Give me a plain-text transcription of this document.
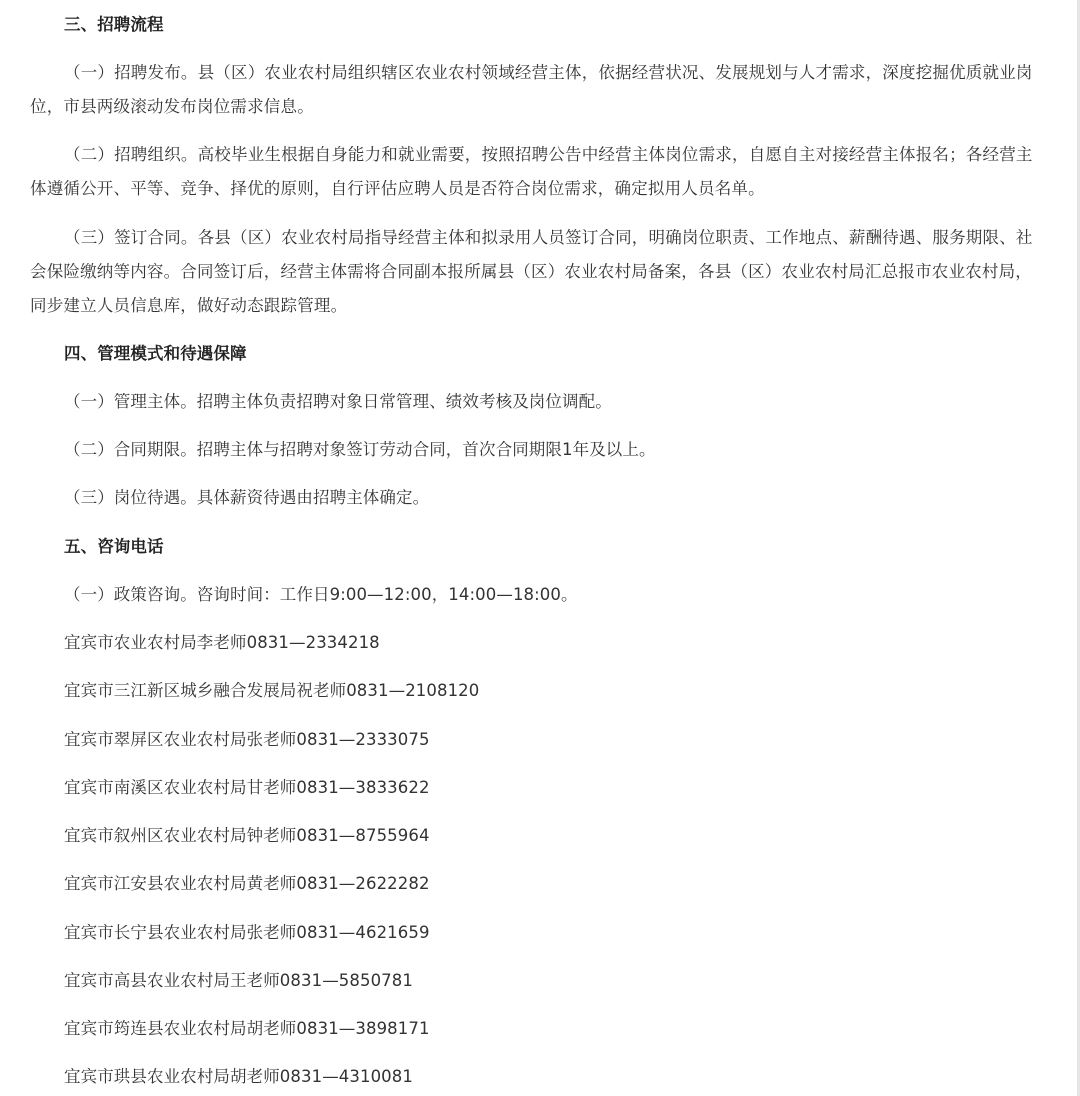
三、招聘流程
（一）招聘发布。县（区）农业农村局组织辖区农业农村领域经营主体，依据经营状况、发展规划与人才需求，深度挖掘优质就业岗位，市县两级滚动发布岗位需求信息。
（二）招聘组织。高校毕业生根据自身能力和就业需要，按照招聘公告中经营主体岗位需求，自愿自主对接经营主体报名；各经营主体遵循公开、平等、竞争、择优的原则，自行评估应聘人员是否符合岗位需求，确定拟用人员名单。
（三）签订合同。各县（区）农业农村局指导经营主体和拟录用人员签订合同，明确岗位职责、工作地点、薪酬待遇、服务期限、社会保险缴纳等内容。合同签订后，经营主体需将合同副本报所属县（区）农业农村局备案，各县（区）农业农村局汇总报市农业农村局，同步建立人员信息库，做好动态跟踪管理。
四、管理模式和待遇保障
（一）管理主体。招聘主体负责招聘对象日常管理、绩效考核及岗位调配。
（二）合同期限。招聘主体与招聘对象签订劳动合同，首次合同期限1年及以上。
（三）岗位待遇。具体薪资待遇由招聘主体确定。
五、咨询电话
（一）政策咨询。咨询时间：工作日9:00—12:00，14:00—18:00。
宜宾市农业农村局李老师0831—2334218
宜宾市三江新区城乡融合发展局祝老师0831—2108120
宜宾市翠屏区农业农村局张老师0831—2333075
宜宾市南溪区农业农村局甘老师0831—3833622
宜宾市叙州区农业农村局钟老师0831—8755964
宜宾市江安县农业农村局黄老师0831—2622282
宜宾市长宁县农业农村局张老师0831—4621659
宜宾市高县农业农村局王老师0831—5850781
宜宾市筠连县农业农村局胡老师0831—3898171
宜宾市珙县农业农村局胡老师0831—4310081
